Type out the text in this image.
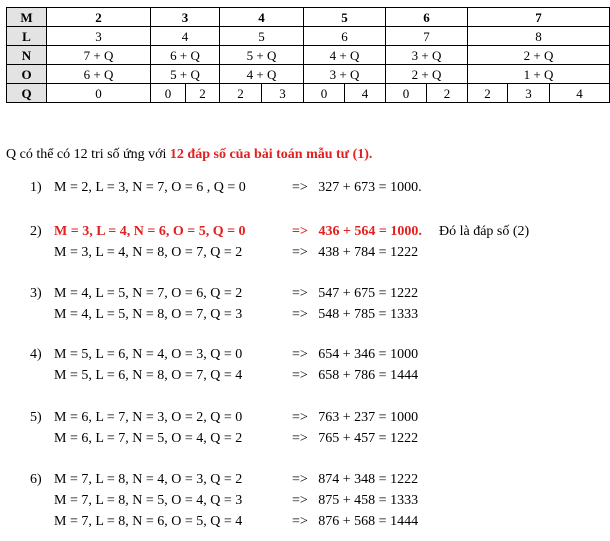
M	2	3		4		5		6		7		
L	3	4		5		6		7		8		
N	7 + Q	6 + Q		5 + Q		4 + Q		3 + Q		2 + Q		
O	6 + Q	5 + Q		4 + Q		3 + Q		2 + Q		1 + Q		
Q	0	0	2	2	3	0	4	0	2	2	3	4
Q có thể có 12 tri số ứng với 12 đáp số của bài toán mẫu tư (1).
1) M = 2, L = 3, N = 7, O = 6 , Q = 0	=>   327 + 673 = 1000.
2) M = 3, L = 4, N = 6, O = 5, Q = 0	=>   436 + 564 = 1000. Đó là đáp số (2)
M = 3, L = 4, N = 8, O = 7, Q = 2	=>   438 + 784 = 1222
3) M = 4, L = 5, N = 7, O = 6, Q = 2	=>   547 + 675 = 1222
M = 4, L = 5, N = 8, O = 7, Q = 3	=>   548 + 785 = 1333
4) M = 5, L = 6, N = 4, O = 3, Q = 0	=>   654 + 346 = 1000
M = 5, L = 6, N = 8, O = 7, Q = 4	=>   658 + 786 = 1444
5) M = 6, L = 7, N = 3, O = 2, Q = 0	=>   763 + 237 = 1000
M = 6, L = 7, N = 5, O = 4, Q = 2	=>   765 + 457 = 1222
6) M = 7, L = 8, N = 4, O = 3, Q = 2	=>   874 + 348 = 1222
M = 7, L = 8, N = 5, O = 4, Q = 3	=>   875 + 458 = 1333
M = 7, L = 8, N = 6, O = 5, Q = 4	=>   876 + 568 = 1444
